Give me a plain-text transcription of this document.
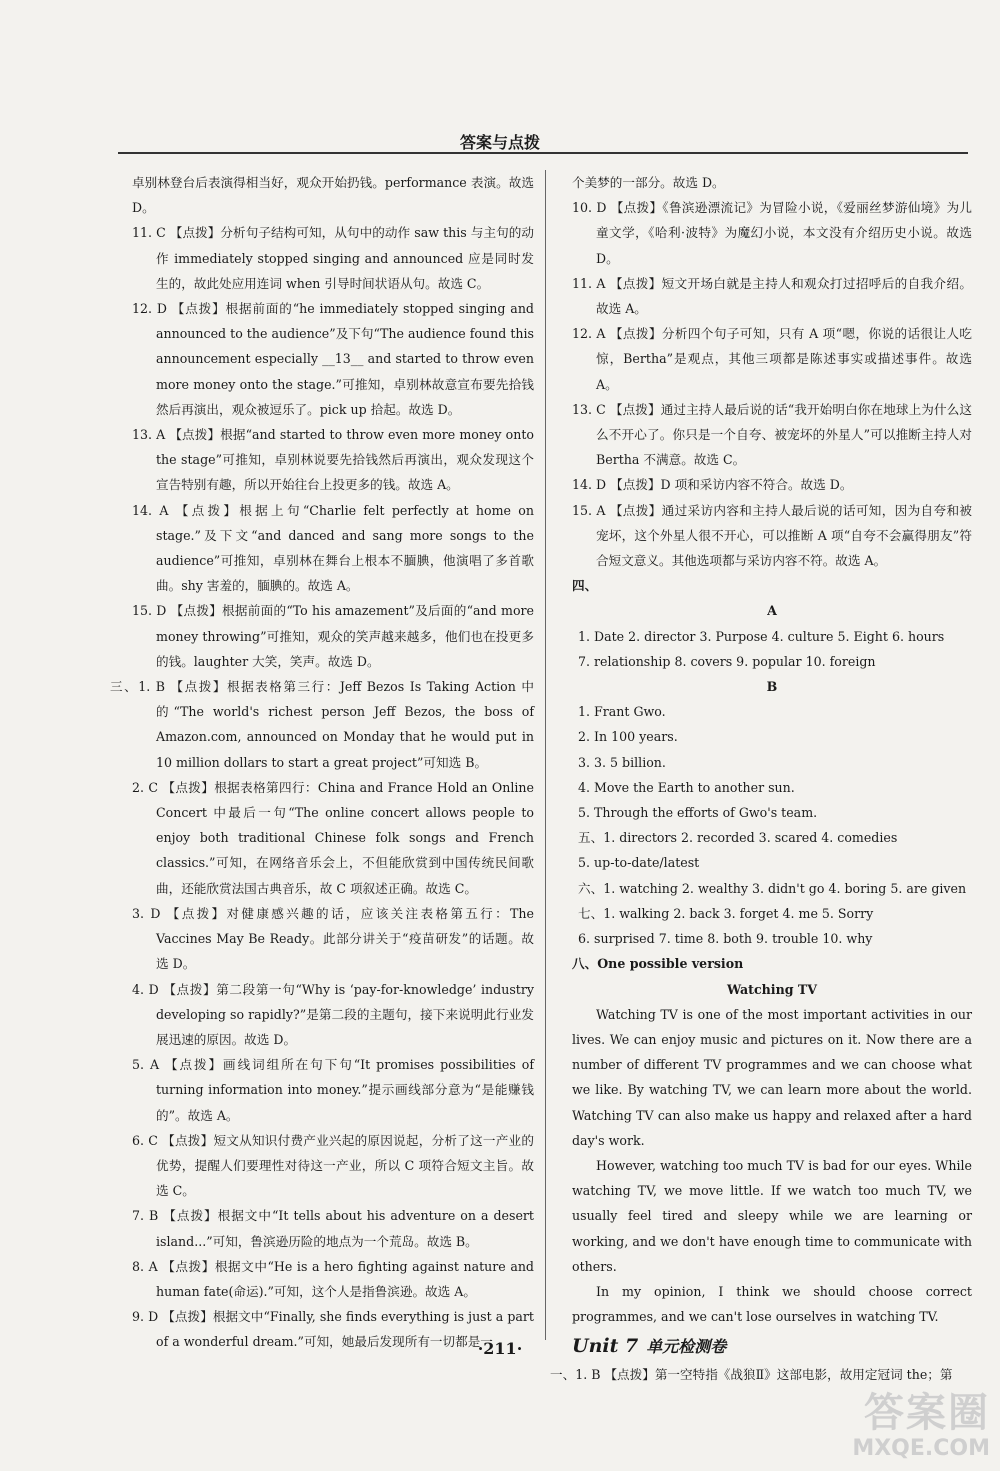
答案与点拨
卓别林登台后表演得相当好，观众开始扔钱。performance 表演。故选 D。
11. C 【点拨】分析句子结构可知，从句中的动作 saw this 与主句的动作 immediately stopped singing and announced 应是同时发生的，故此处应用连词 when 引导时间状语从句。故选 C。
12. D 【点拨】根据前面的“he immediately stopped singing and announced to the audience”及下句“The audience found this announcement especially __13__ and started to throw even more money onto the stage.”可推知，卓别林故意宣布要先拾钱然后再演出，观众被逗乐了。pick up 拾起。故选 D。
13. A 【点拨】根据“and started to throw even more money onto the stage”可推知，卓别林说要先拾钱然后再演出，观众发现这个宣告特别有趣，所以开始往台上投更多的钱。故选 A。
14. A 【点拨】根据上句“Charlie felt perfectly at home on stage.”及下文“and danced and sang more songs to the audience”可推知，卓别林在舞台上根本不腼腆，他演唱了多首歌曲。shy 害羞的，腼腆的。故选 A。
15. D 【点拨】根据前面的“To his amazement”及后面的“and more money throwing”可推知，观众的笑声越来越多，他们也在投更多的钱。laughter 大笑，笑声。故选 D。
三、1. B 【点拨】根据表格第三行：Jeff Bezos Is Taking Action 中的“The world's richest person Jeff Bezos, the boss of Amazon.com, announced on Monday that he would put in 10 million dollars to start a great project”可知选 B。
2. C 【点拨】根据表格第四行：China and France Hold an Online Concert 中最后一句“The online concert allows people to enjoy both traditional Chinese folk songs and French classics.”可知，在网络音乐会上，不但能欣赏到中国传统民间歌曲，还能欣赏法国古典音乐，故 C 项叙述正确。故选 C。
3. D 【点拨】对健康感兴趣的话，应该关注表格第五行：The Vaccines May Be Ready。此部分讲关于“疫苗研发”的话题。故选 D。
4. D 【点拨】第二段第一句“Why is ‘pay-for-knowledge’ industry developing so rapidly?”是第二段的主题句，接下来说明此行业发展迅速的原因。故选 D。
5. A 【点拨】画线词组所在句下句“It promises possibilities of turning information into money.”提示画线部分意为“是能赚钱的”。故选 A。
6. C 【点拨】短文从知识付费产业兴起的原因说起，分析了这一产业的优势，提醒人们要理性对待这一产业，所以 C 项符合短文主旨。故选 C。
7. B 【点拨】根据文中“It tells about his adventure on a desert island...”可知，鲁滨逊历险的地点为一个荒岛。故选 B。
8. A 【点拨】根据文中“He is a hero fighting against nature and human fate(命运).”可知，这个人是指鲁滨逊。故选 A。
9. D 【点拨】根据文中“Finally, she finds everything is just a part of a wonderful dream.”可知，她最后发现所有一切都是一
个美梦的一部分。故选 D。
10. D 【点拨】《鲁滨逊漂流记》为冒险小说，《爱丽丝梦游仙境》为儿童文学，《哈利·波特》为魔幻小说，本文没有介绍历史小说。故选 D。
11. A 【点拨】短文开场白就是主持人和观众打过招呼后的自我介绍。故选 A。
12. A 【点拨】分析四个句子可知，只有 A 项“嗯，你说的话很让人吃惊，Bertha”是观点，其他三项都是陈述事实或描述事件。故选 A。
13. C 【点拨】通过主持人最后说的话“我开始明白你在地球上为什么这么不开心了。你只是一个自夸、被宠坏的外星人”可以推断主持人对 Bertha 不满意。故选 C。
14. D 【点拨】D 项和采访内容不符合。故选 D。
15. A 【点拨】通过采访内容和主持人最后说的话可知，因为自夸和被宠坏，这个外星人很不开心，可以推断 A 项“自夸不会赢得朋友”符合短文意义。其他选项都与采访内容不符。故选 A。
四、
A
1. Date 2. director 3. Purpose 4. culture 5. Eight 6. hours
7. relationship 8. covers 9. popular 10. foreign
B
1. Frant Gwo.
2. In 100 years.
3. 3. 5 billion.
4. Move the Earth to another sun.
5. Through the efforts of Gwo's team.
五、1. directors 2. recorded 3. scared 4. comedies
5. up-to-date/latest
六、1. watching 2. wealthy 3. didn't go 4. boring 5. are given
七、1. walking 2. back 3. forget 4. me 5. Sorry
6. surprised 7. time 8. both 9. trouble 10. why
八、One possible version
Watching TV
Watching TV is one of the most important activities in our lives. We can enjoy music and pictures on it. Now there are a number of different TV programmes and we can choose what we like. By watching TV, we can learn more about the world. Watching TV can also make us happy and relaxed after a hard day's work.
However, watching too much TV is bad for our eyes. While watching TV, we move little. If we watch too much TV, we usually feel tired and sleepy while we are learning or working, and we don't have enough time to communicate with others.
In my opinion, I think we should choose correct programmes, and we can't lose ourselves in watching TV.
Unit 7 单元检测卷
一、1. B 【点拨】第一空特指《战狼Ⅱ》这部电影，故用定冠词 the；第
·211·
答案圈
MXQE.COM
